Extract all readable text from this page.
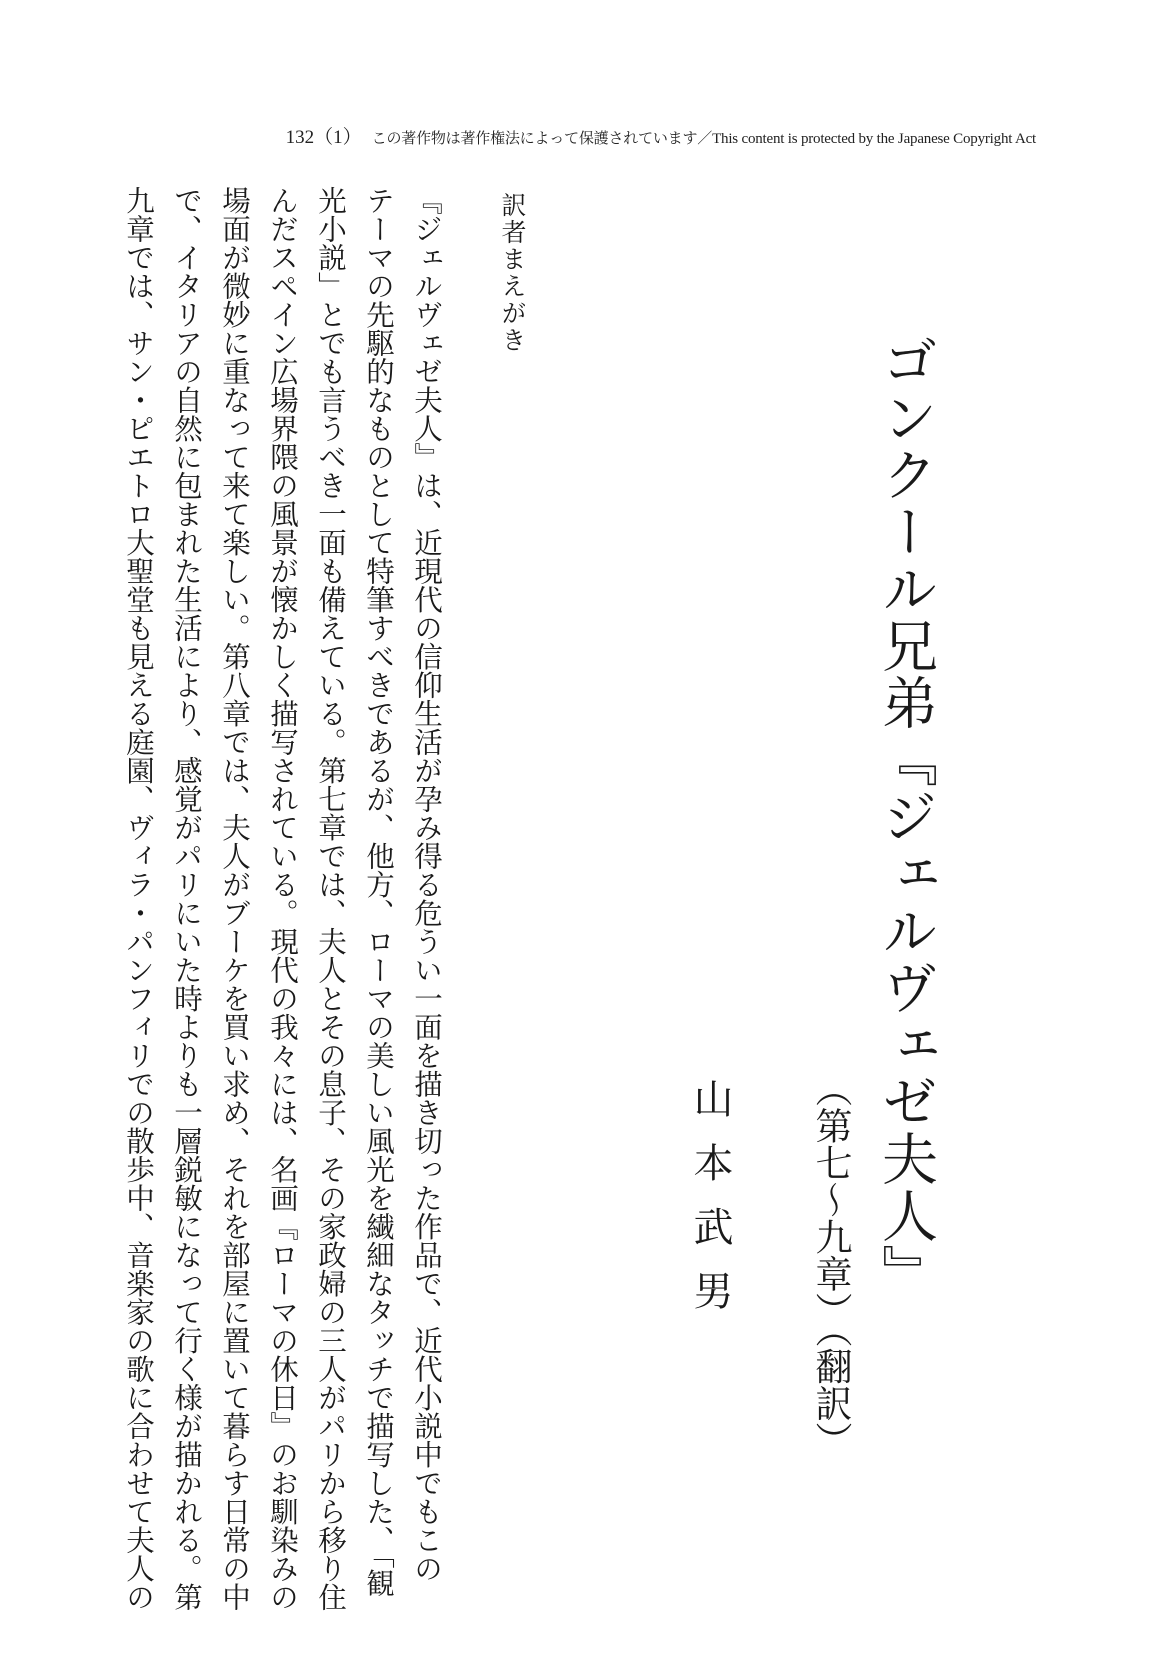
132（1） この著作物は著作権法によって保護されています／This content is protected by the Japanese Copyright Act
ゴンクール兄弟『ジェルヴェゼ夫人』
（第七〜九章）（翻訳）
山本武男
訳者まえがき
『ジェルヴェゼ夫人』は、近現代の信仰生活が孕み得る危うい一面を描き切った作品で、近代小説中でもこの
テーマの先駆的なものとして特筆すべきであるが、他方、ローマの美しい風光を繊細なタッチで描写した、「観
光小説」とでも言うべき一面も備えている。第七章では、夫人とその息子、その家政婦の三人がパリから移り住
んだスペイン広場界隈の風景が懐かしく描写されている。現代の我々には、名画『ローマの休日』のお馴染みの
場面が微妙に重なって来て楽しい。第八章では、夫人がブーケを買い求め、それを部屋に置いて暮らす日常の中
で、イタリアの自然に包まれた生活により、感覚がパリにいた時よりも一層鋭敏になって行く様が描かれる。第
九章では、サン・ピエトロ大聖堂も見える庭園、ヴィラ・パンフィリでの散歩中、音楽家の歌に合わせて夫人の
